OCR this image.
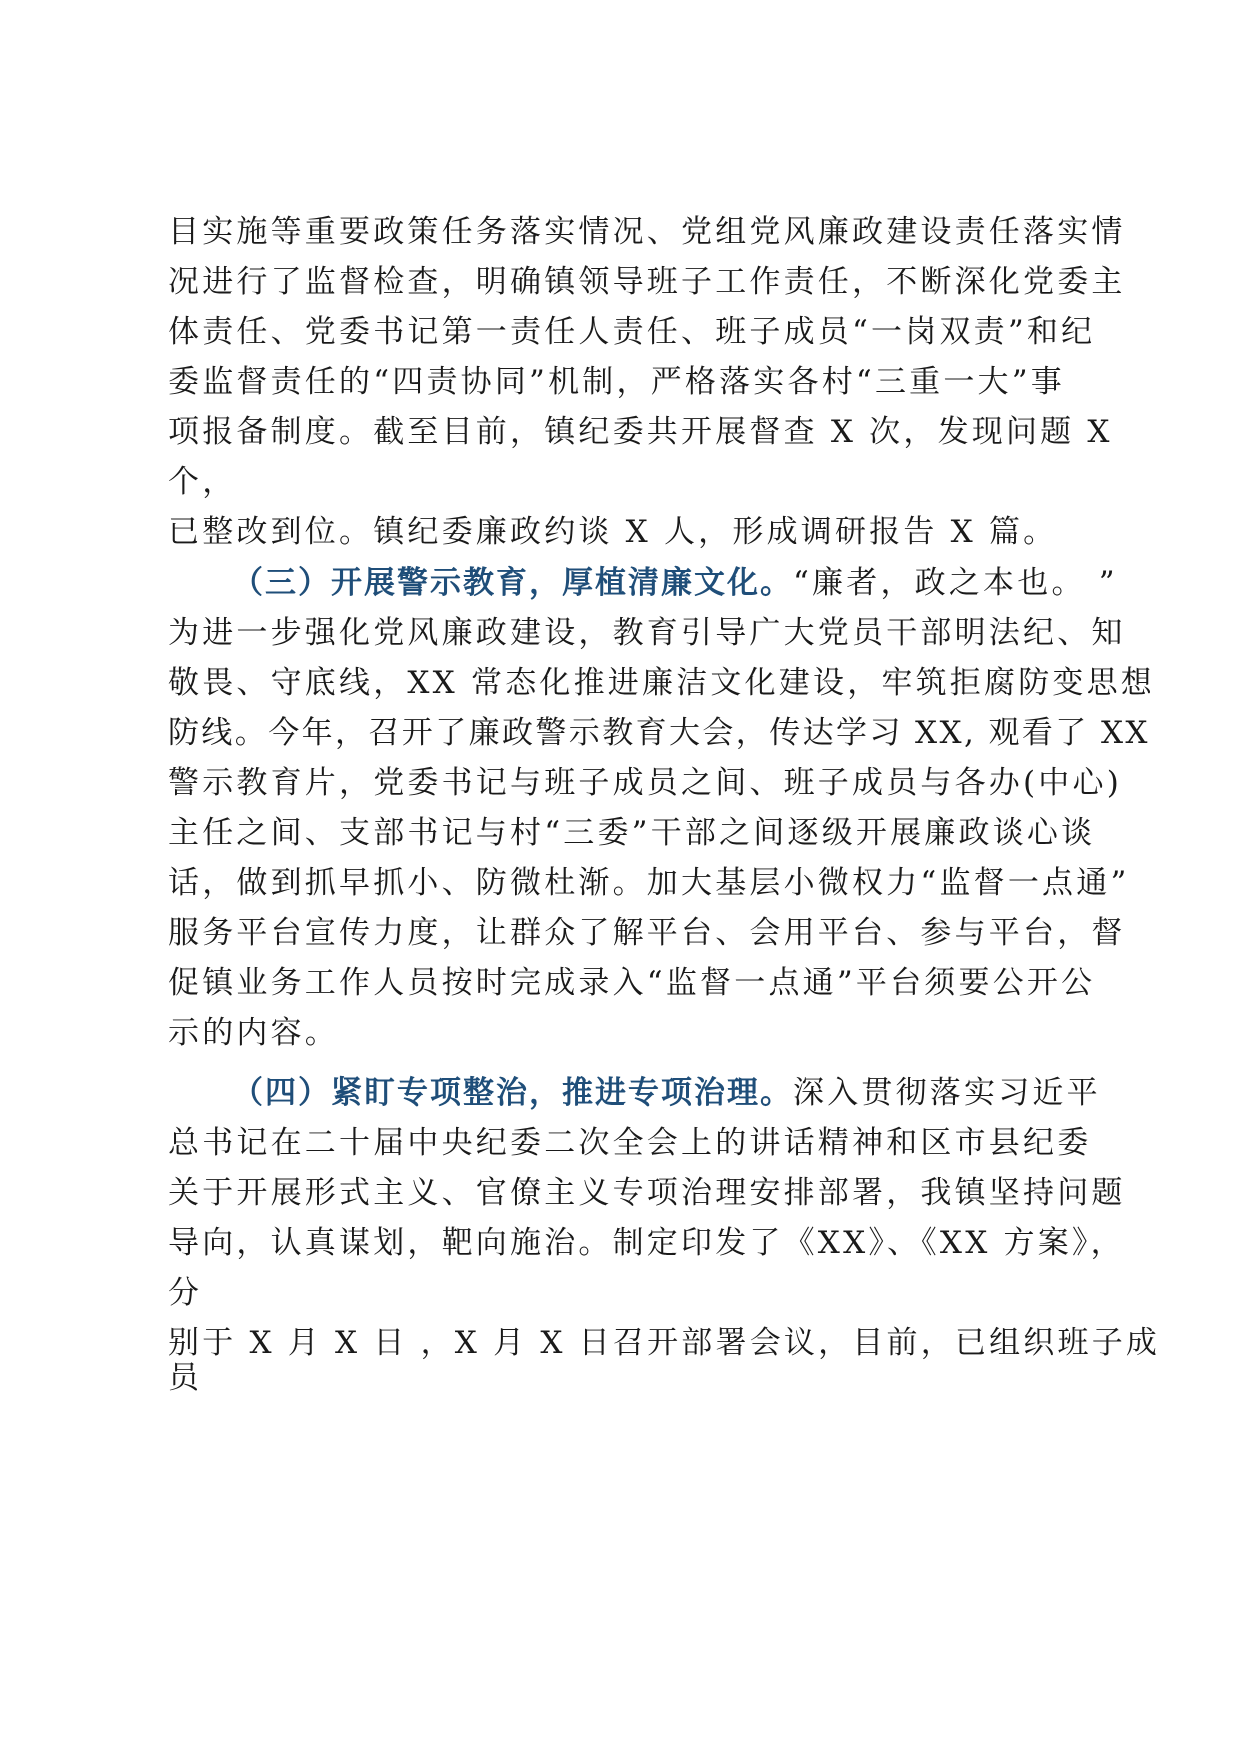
目实施等重要政策任务落实情况、党组党风廉政建设责任落实情
况进行了监督检查，明确镇领导班子工作责任，不断深化党委主
体责任、党委书记第一责任人责任、班子成员“一岗双责”和纪
委监督责任的“四责协同”机制，严格落实各村“三重一大”事
项报备制度。截至目前，镇纪委共开展督查 X 次，发现问题 X
个，
已整改到位。镇纪委廉政约谈 X 人，形成调研报告 X 篇。
（三）开展警示教育，厚植清廉文化。“廉者，政之本也。 ”
为进一步强化党风廉政建设，教育引导广大党员干部明法纪、知
敬畏、守底线，XX 常态化推进廉洁文化建设，牢筑拒腐防变思想
防线。今年，召开了廉政警示教育大会，传达学习 XX, 观看了 XX
警示教育片，党委书记与班子成员之间、班子成员与各办(中心)
主任之间、支部书记与村“三委”干部之间逐级开展廉政谈心谈
话，做到抓早抓小、防微杜渐。加大基层小微权力“监督一点通”
服务平台宣传力度，让群众了解平台、会用平台、参与平台，督
促镇业务工作人员按时完成录入“监督一点通”平台须要公开公
示的内容。
（四）紧盯专项整治，推进专项治理。深入贯彻落实习近平
总书记在二十届中央纪委二次全会上的讲话精神和区市县纪委
关于开展形式主义、官僚主义专项治理安排部署，我镇坚持问题
导向，认真谋划，靶向施治。制定印发了《XX》、《XX 方案》，
分
别于 X 月 X 日 ，X 月 X 日召开部署会议，目前，已组织班子成
员
